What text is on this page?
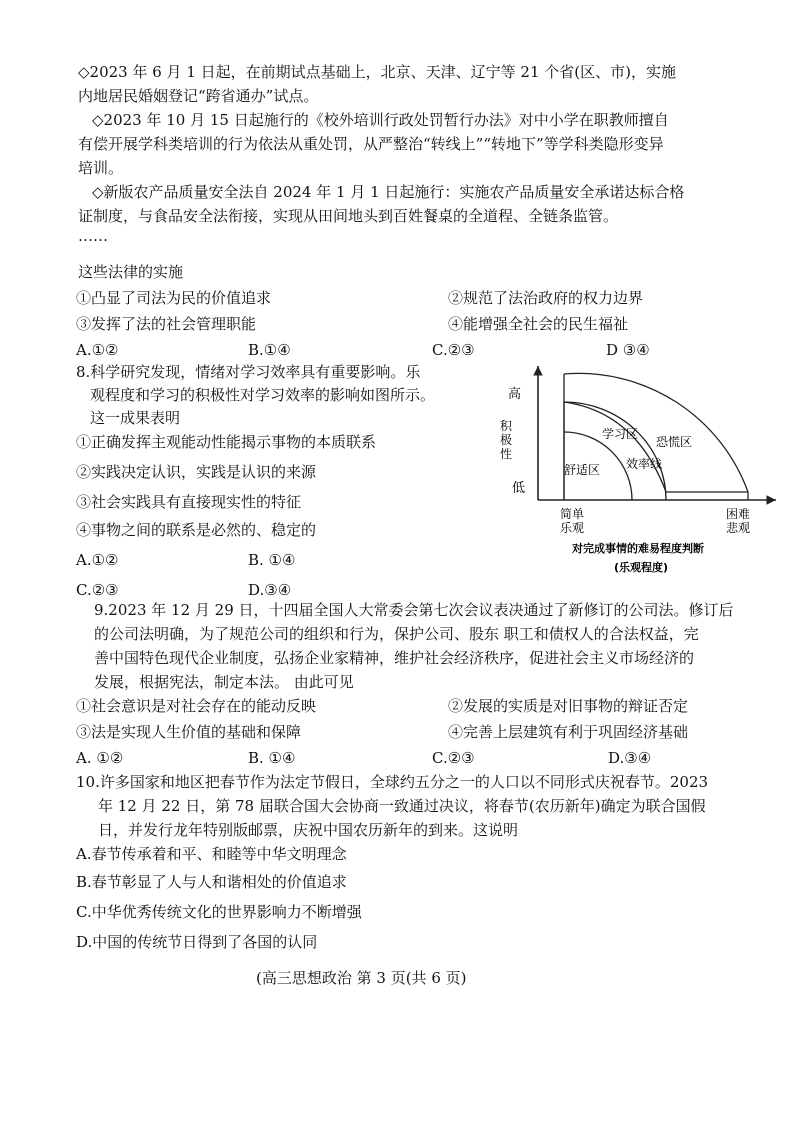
◇2023 年 6 月 1 日起，在前期试点基础上，北京、天津、辽宁等 21 个省(区、市)，实施
内地居民婚姻登记“跨省通办”试点。
◇2023 年 10 月 15 日起施行的《校外培训行政处罚暂行办法》对中小学在职教师擅自
有偿开展学科类培训的行为依法从重处罚，从严整治“转线上”“转地下”等学科类隐形变异
培训。
◇新版农产品质量安全法自 2024 年 1 月 1 日起施行：实施农产品质量安全承诺达标合格
证制度，与食品安全法衔接，实现从田间地头到百姓餐桌的全道程、全链条监管。
……
这些法律的实施
①凸显了司法为民的价值追求	②规范了法治政府的权力边界
③发挥了法的社会管理职能	④能增强全社会的民生福祉
A.①②	B.①④	C.②③	D ③④
8.科学研究发现，情绪对学习效率具有重要影响。乐
观程度和学习的积极性对学习效率的影响如图所示。
这一成果表明
①正确发挥主观能动性能揭示事物的本质联系
②实践决定认识，实践是认识的来源
③社会实践具有直接现实性的特征
④事物之间的联系是必然的、稳定的
A.①②	B. ①④
C.②③	D.③④
高
积
极
性
低
恐慌区
学习区
效率线
舒适区
简单
乐观
困难
悲观
对完成事情的难易程度判断
(乐观程度)
9.2023 年 12 月 29 日，十四届全国人大常委会第七次会议表决通过了新修订的公司法。修订后
的公司法明确，为了规范公司的组织和行为，保护公司、股东 职工和债权人的合法权益，完
善中国特色现代企业制度，弘扬企业家精神，维护社会经济秩序，促进社会主义市场经济的
发展，根据宪法，制定本法。 由此可见
①社会意识是对社会存在的能动反映	②发展的实质是对旧事物的辩证否定
③法是实现人生价值的基础和保障	④完善上层建筑有利于巩固经济基础
A. ①②	B. ①④	C.②③	D.③④
10.许多国家和地区把春节作为法定节假日，全球约五分之一的人口以不同形式庆祝春节。2023
年 12 月 22 日，第 78 届联合国大会协商一致通过决议，将春节(农历新年)确定为联合国假
日，并发行龙年特别版邮票，庆祝中国农历新年的到来。这说明
A.春节传承着和平、和睦等中华文明理念
B.春节彰显了人与人和谐相处的价值追求
C.中华优秀传统文化的世界影响力不断增强
D.中国的传统节日得到了各国的认同
(高三思想政治 第 3 页(共 6 页)
